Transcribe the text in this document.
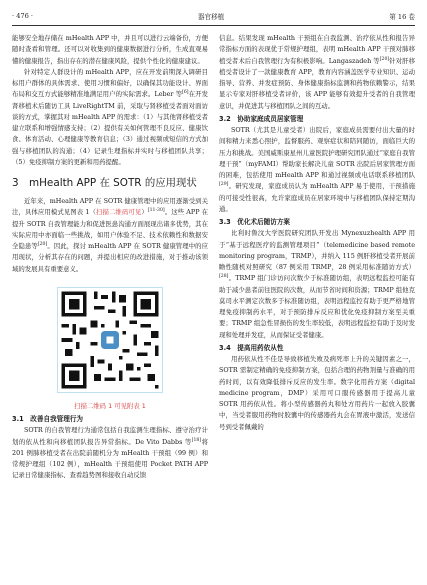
· 476 ·	器官移植	第 16 卷

能够安全地存储在 mHealth APP 中，并且可以进行云端备份，方便随时查看和管理。还可以对收集到的健康数据进行分析，生成直观易懂的健康报告，指出存在的潜在健康风险，提供个性化的健康建议。

针对特定人群设计的 mHealth APP，应在开发前期深入调研目标用户群体的具体需求、使用习惯和偏好，以确保其功能设计、界面布局和交互方式能够精准地满足用户的实际需求。Leber 等[6]在开发肾移植术后随访工具 LiveRightTM 前，采取与肾移植受者面对面访谈的方式，掌握其对 mHealth APP 的需求：（1）与其他肾移植受者建立联系和增强情感支持；（2）提供有关如何管理不良反应、健康饮食、体育活动、心理健康等教育信息；（3）通过视频或短信的方式加强与移植团队的沟通；（4）记录生理指标并实时与移植团队共享；（5）免疫抑制方案的更新和用药提醒。

3　mHealth APP 在 SOTR 的应用现状

近年来，mHealth APP 在 SOTR 健康管理中的应用逐渐受到关注，具体应用模式见图表 1（扫描二维码可见）[11-30]。这些 APP 在提升 SOTR 自我管理能力和促进医患沟通方面展现出诸多优势，其在实际应用中亦面临一些挑战，如用户体验不足、技术依赖性和数据安全隐患等[20]。因此，探讨 mHealth APP 在 SOTR 健康管理中的应用现状，分析其存在的问题，并提出相应的改进措施，对于推动该领域的发展具有重要意义。

扫描二维码 1 可见附表 1
3.1　改善自我管理行为

SOTR 的自我管理行为通常包括自我监测生理指标、遵守治疗计划的依从性和向移植团队报告异常指标。De Vito Dabbs 等[18]将 201 例肺移植受者在出院前随机分为 mHealth 干预组（99 例）和常规护理组（102 例），mHealth 干预组使用 Pocket PATH APP 记录日常健康指标、查看趋势图和接收自动反馈

信息。结果发现 mHealth 干预组在自我监测、治疗依从性和报告异常指标方面的表现优于常规护理组，表明 mHealth APP 干预对肺移植受者术后自我管理行为有积极影响。Langaszadeh 等[20]针对肝移植受者设计了一款健康教育 APP，教育内容涵盖医学专业知识、运动指导、营养、并发症预防、身体健康指标监测和药物依赖警示，结果显示专家对肝移植受者评价，该 APP 能够有效提升受者的自我管理意识，并促进其与移植团队之间的互动。

3.2　协助家庭成员居家管理

SOTR（尤其是儿童受者）出院后，家庭成员需要付出大量的时间和精力来悉心照护，监督服药、观察症状和陪同随访，面临巨大的压力和挑战。美国威斯康星州儿童医院护理研究团队通过“家庭自我管理干预”（myFAMI）帮助家长解决儿童 SOTR 出院后居家管理方面的困难，包括使用 mHealth APP 和通过视频或电话联系移植团队[29]。研究发现，家庭成员认为 mHealth APP 易于使用，干预措施的可接受性很高，允许家庭成员在居家环境中与移植团队保持定期沟通。

3.3　优化术后随访方案

比利时鲁汶大学医院研究团队开发出 Mynexuzhealth APP 用于“基于远程医疗的监测管理项目”（telemedicine based remote monitoring program，TRMP），并纳入 115 例肝移植受者开展前瞻性随机对照研究（87 例采用 TRMP，28 例采用标准随访方式）[28]。TRMP 组门诊访问次数少于标准随访组，表明远程监控可能有助于减少患者前往医院的次数，从而节省时间和资源；TRMP 组他克莫司水平测定次数多于标准随访组，表明远程监控有助于更严格地管理免疫抑制药水平，对于预防排斥反应和优化免疫抑制方案至关重要；TRMP 组急性冒损伤的发生率较低，表明远程监控有助于及时发现和处理并发症，从而保证受者健康。

3.4　提高用药依从性

用药依从性不佳是导致移植失败及病死率上升的关键因素之一，SOTR 需制定精确的免疫抑制方案，包括合理的药物剂量与准确的用药时间，以有效降低排斥反应的发生率。数字化用药方案（digital medicine program，DMP）采用可口服传感器用于提高儿童 SOTR 用药依从性。将小型传感器药丸和处方用药片一起放入胶囊中，当受者服用药物时胶囊中的传感器药丸会在胃液中激活，发送信号到受者佩戴的
